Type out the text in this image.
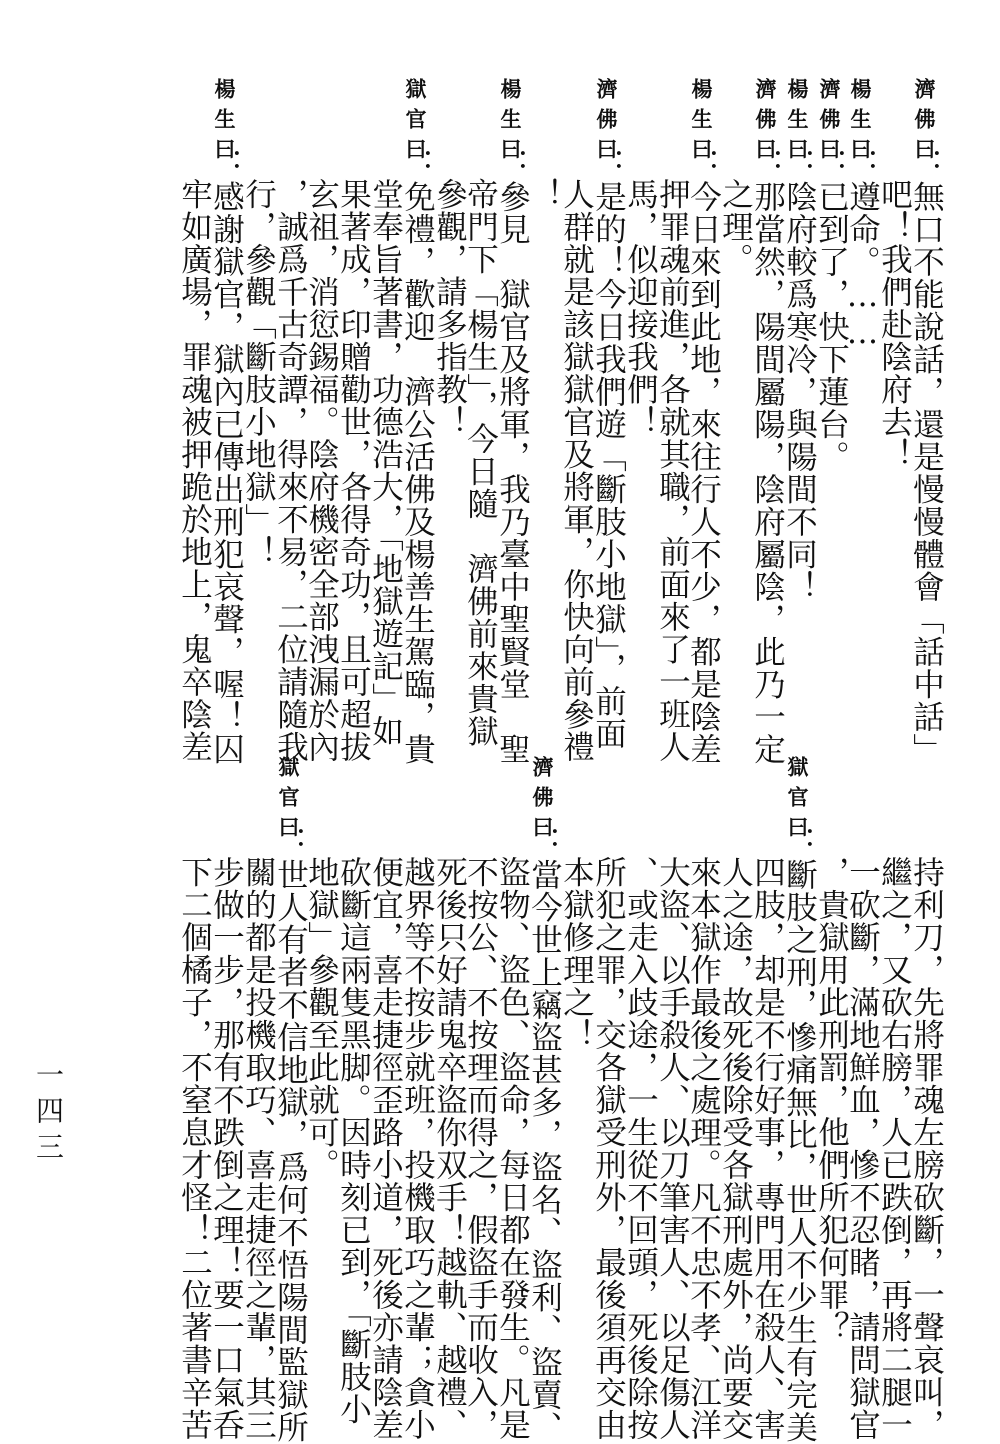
濟佛曰
：無口不能說話，還是慢慢體會「話中話」
吧！我們赴陰府去！
楊生曰
：遵命。……
濟佛曰
：已到了，快下蓮台。
楊生曰
：陰府較爲寒冷，與陽間不同！
濟佛曰
：那當然，陽間屬陽，陰府屬陰，此乃一定
之理。
楊生曰
：今日來到此地，來往行人不少，都是陰差
押罪魂前進，各就其職，前面來了一班人
馬，似迎接我們！
濟佛曰
：是的！今日我們遊「斷肢小地獄」，前面
人群就是該獄獄官及將軍，你快向前參禮
！
楊生曰
：參見　獄官及將軍，我乃臺中聖賢堂　聖
帝門下「楊生」，今日隨　濟佛前來貴獄
參觀，請多指教！
獄官曰
：免禮，歡迎　濟公活佛及楊善生駕臨，貴
堂奉旨著書，功德浩大，「地獄遊記」如
果著成，印贈勸世，各得奇功，且可超拔
玄祖，消愆錫福。陰府機密全部洩漏於內
，誠爲千古奇譚，得來不易，二位請隨我
行，參觀「斷肢小地獄」！
楊生曰
：感謝獄官，獄內已傳出刑犯哀聲，喔！囚
牢如廣場，罪魂被押跪於地上，鬼卒陰差
持利刀，先將罪魂左膀砍斷，一聲哀叫，
繼之，又砍右膀，人已跌倒，再將二腿一
一砍斷，滿地鮮血，慘不忍睹，請問獄官
，貴獄用此刑罰，他們所犯何罪？
獄官曰
：斷肢之刑，慘痛無比，世人不少生有完美
四肢，却是不行好事，專門用在殺人、害
人之途，故死後除受各獄刑處外，尚要交
來本獄作最後之處理。凡不忠不孝、江洋
大盜、以手殺人、以刀筆害人、以足傷人
、或走入歧途，一生從不回頭，死後除按
所犯之罪，交各獄受刑外，最後須再交由
本獄修理之！
濟佛曰
：當今世上竊盜甚多，盜名、盜利、盜賣、
盜物、盜色、盜命，每日都在發生。凡是
不按公、不按理而得之，假盜手而收入，
死後只好請鬼卒盜你双手！越軌、越禮、
越界等不按步就班，投機取巧之輩；貪小
便宜，喜走捷徑歪路小道，死後亦請陰差
砍斷這兩隻黑脚。因時刻已到，「斷肢小
地獄」參觀至此就可。
獄官曰
：世人有者不信地獄，爲何不悟陽間監獄所
關的都是投機取巧、喜走捷徑之輩，其三
步做一步，那有不跌倒之理！要一口氣呑
下二個橘子，不窒息才怪！二位著書辛苦
一四三
